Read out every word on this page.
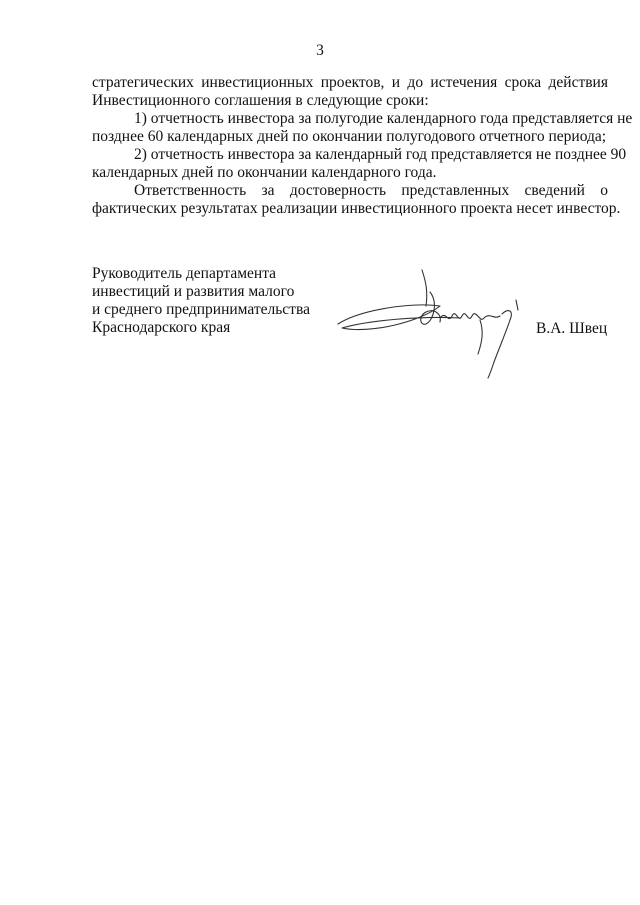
3
стратегических инвестиционных проектов, и до истечения срока действия
Инвестиционного соглашения в следующие сроки:
1) отчетность инвестора за полугодие календарного года представляется не
позднее 60 календарных дней по окончании полугодового отчетного периода;
2) отчетность инвестора за календарный год представляется не позднее 90
календарных дней по окончании календарного года.
Ответственность за достоверность представленных сведений о
фактических результатах реализации инвестиционного проекта несет инвестор.
Руководитель департамента
инвестиций и развития малого
и среднего предпринимательства
Краснодарского края	В.А. Швец
